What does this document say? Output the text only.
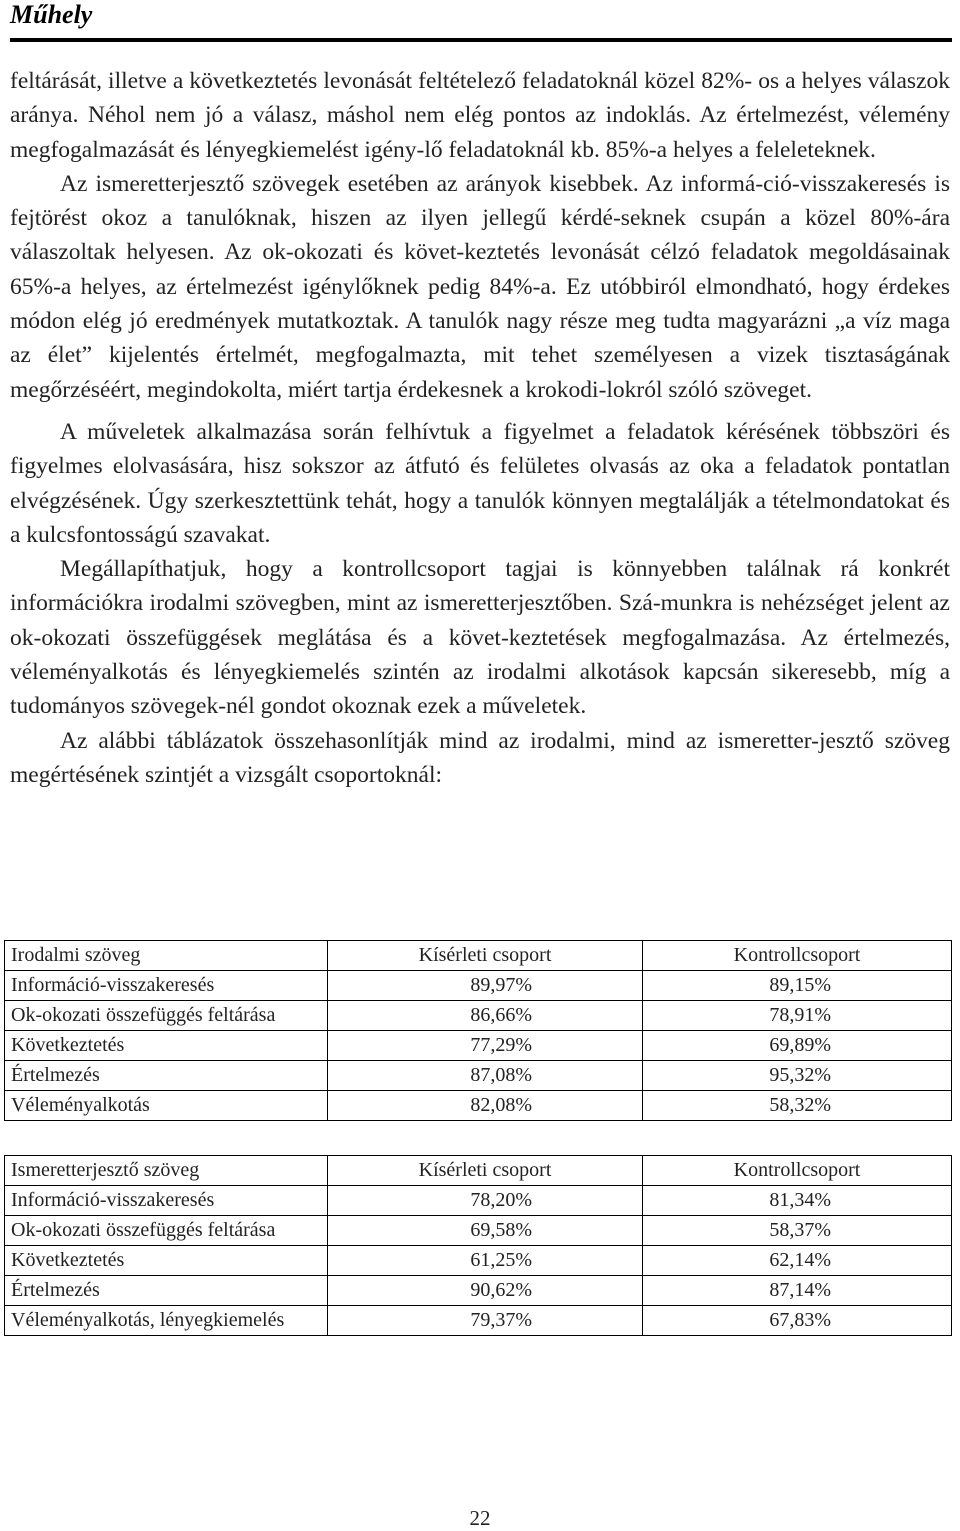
Műhely

feltárását, illetve a következtetés levonását feltételező feladatoknál közel 82%- os a helyes válaszok aránya. Néhol nem jó a válasz, máshol nem elég pontos az indoklás. Az értelmezést, vélemény megfogalmazását és lényegkiemelést igény-lő feladatoknál kb. 85%-a helyes a feleleteknek.

Az ismeretterjesztő szövegek esetében az arányok kisebbek. Az informá-ció-visszakeresés is fejtörést okoz a tanulóknak, hiszen az ilyen jellegű kérdé-seknek csupán a közel 80%-ára válaszoltak helyesen. Az ok-okozati és követ-keztetés levonását célzó feladatok megoldásainak 65%-a helyes, az értelmezést igénylőknek pedig 84%-a. Ez utóbbiról elmondható, hogy érdekes módon elég jó eredmények mutatkoztak. A tanulók nagy része meg tudta magyarázni „a víz maga az élet” kijelentés értelmét, megfogalmazta, mit tehet személyesen a vizek tisztaságának megőrzéséért, megindokolta, miért tartja érdekesnek a krokodi-lokról szóló szöveget.

A műveletek alkalmazása során felhívtuk a figyelmet a feladatok kérésének többszöri és figyelmes elolvasására, hisz sokszor az átfutó és felületes olvasás az oka a feladatok pontatlan elvégzésének. Úgy szerkesztettünk tehát, hogy a tanulók könnyen megtalálják a tételmondatokat és a kulcsfontosságú szavakat.

Megállapíthatjuk, hogy a kontrollcsoport tagjai is könnyebben találnak rá konkrét információkra irodalmi szövegben, mint az ismeretterjesztőben. Szá-munkra is nehézséget jelent az ok-okozati összefüggések meglátása és a követ-keztetések megfogalmazása. Az értelmezés, véleményalkotás és lényegkiemelés szintén az irodalmi alkotások kapcsán sikeresebb, míg a tudományos szövegek-nél gondot okoznak ezek a műveletek.

Az alábbi táblázatok összehasonlítják mind az irodalmi, mind az ismeretter-jesztő szöveg megértésének szintjét a vizsgált csoportoknál:

Irodalmi szöveg	Kísérleti csoport	Kontrollcsoport
Információ-visszakeresés	89,97%	89,15%
Ok-okozati összefüggés feltárása	86,66%	78,91%
Következtetés	77,29%	69,89%
Értelmezés	87,08%	95,32%
Véleményalkotás	82,08%	58,32%
Ismeretterjesztő szöveg	Kísérleti csoport	Kontrollcsoport
Információ-visszakeresés	78,20%	81,34%
Ok-okozati összefüggés feltárása	69,58%	58,37%
Következtetés	61,25%	62,14%
Értelmezés	90,62%	87,14%
Véleményalkotás, lényegkiemelés	79,37%	67,83%
22
